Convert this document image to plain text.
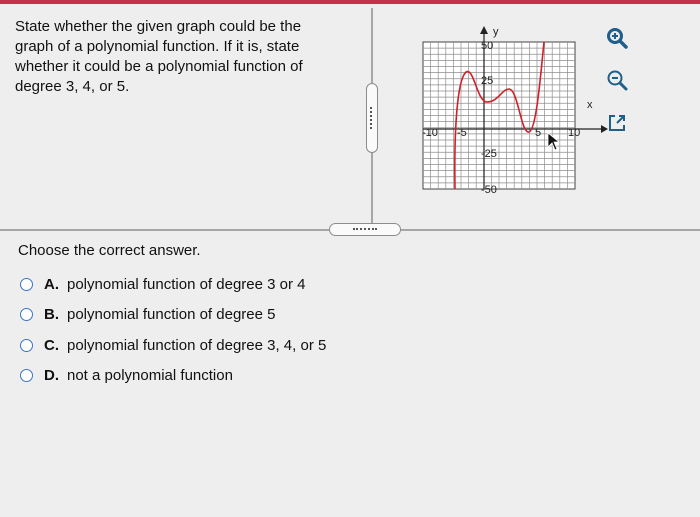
State whether the given graph could be the
graph of a polynomial function. If it is, state
whether it could be a polynomial function of
degree 3, 4, or 5.

x
y
-10 -5	5 10
50
25
-25
-50

Choose the correct answer.

A. polynomial function of degree 3 or 4
B. polynomial function of degree 5
C. polynomial function of degree 3, 4, or 5
D. not a polynomial function
